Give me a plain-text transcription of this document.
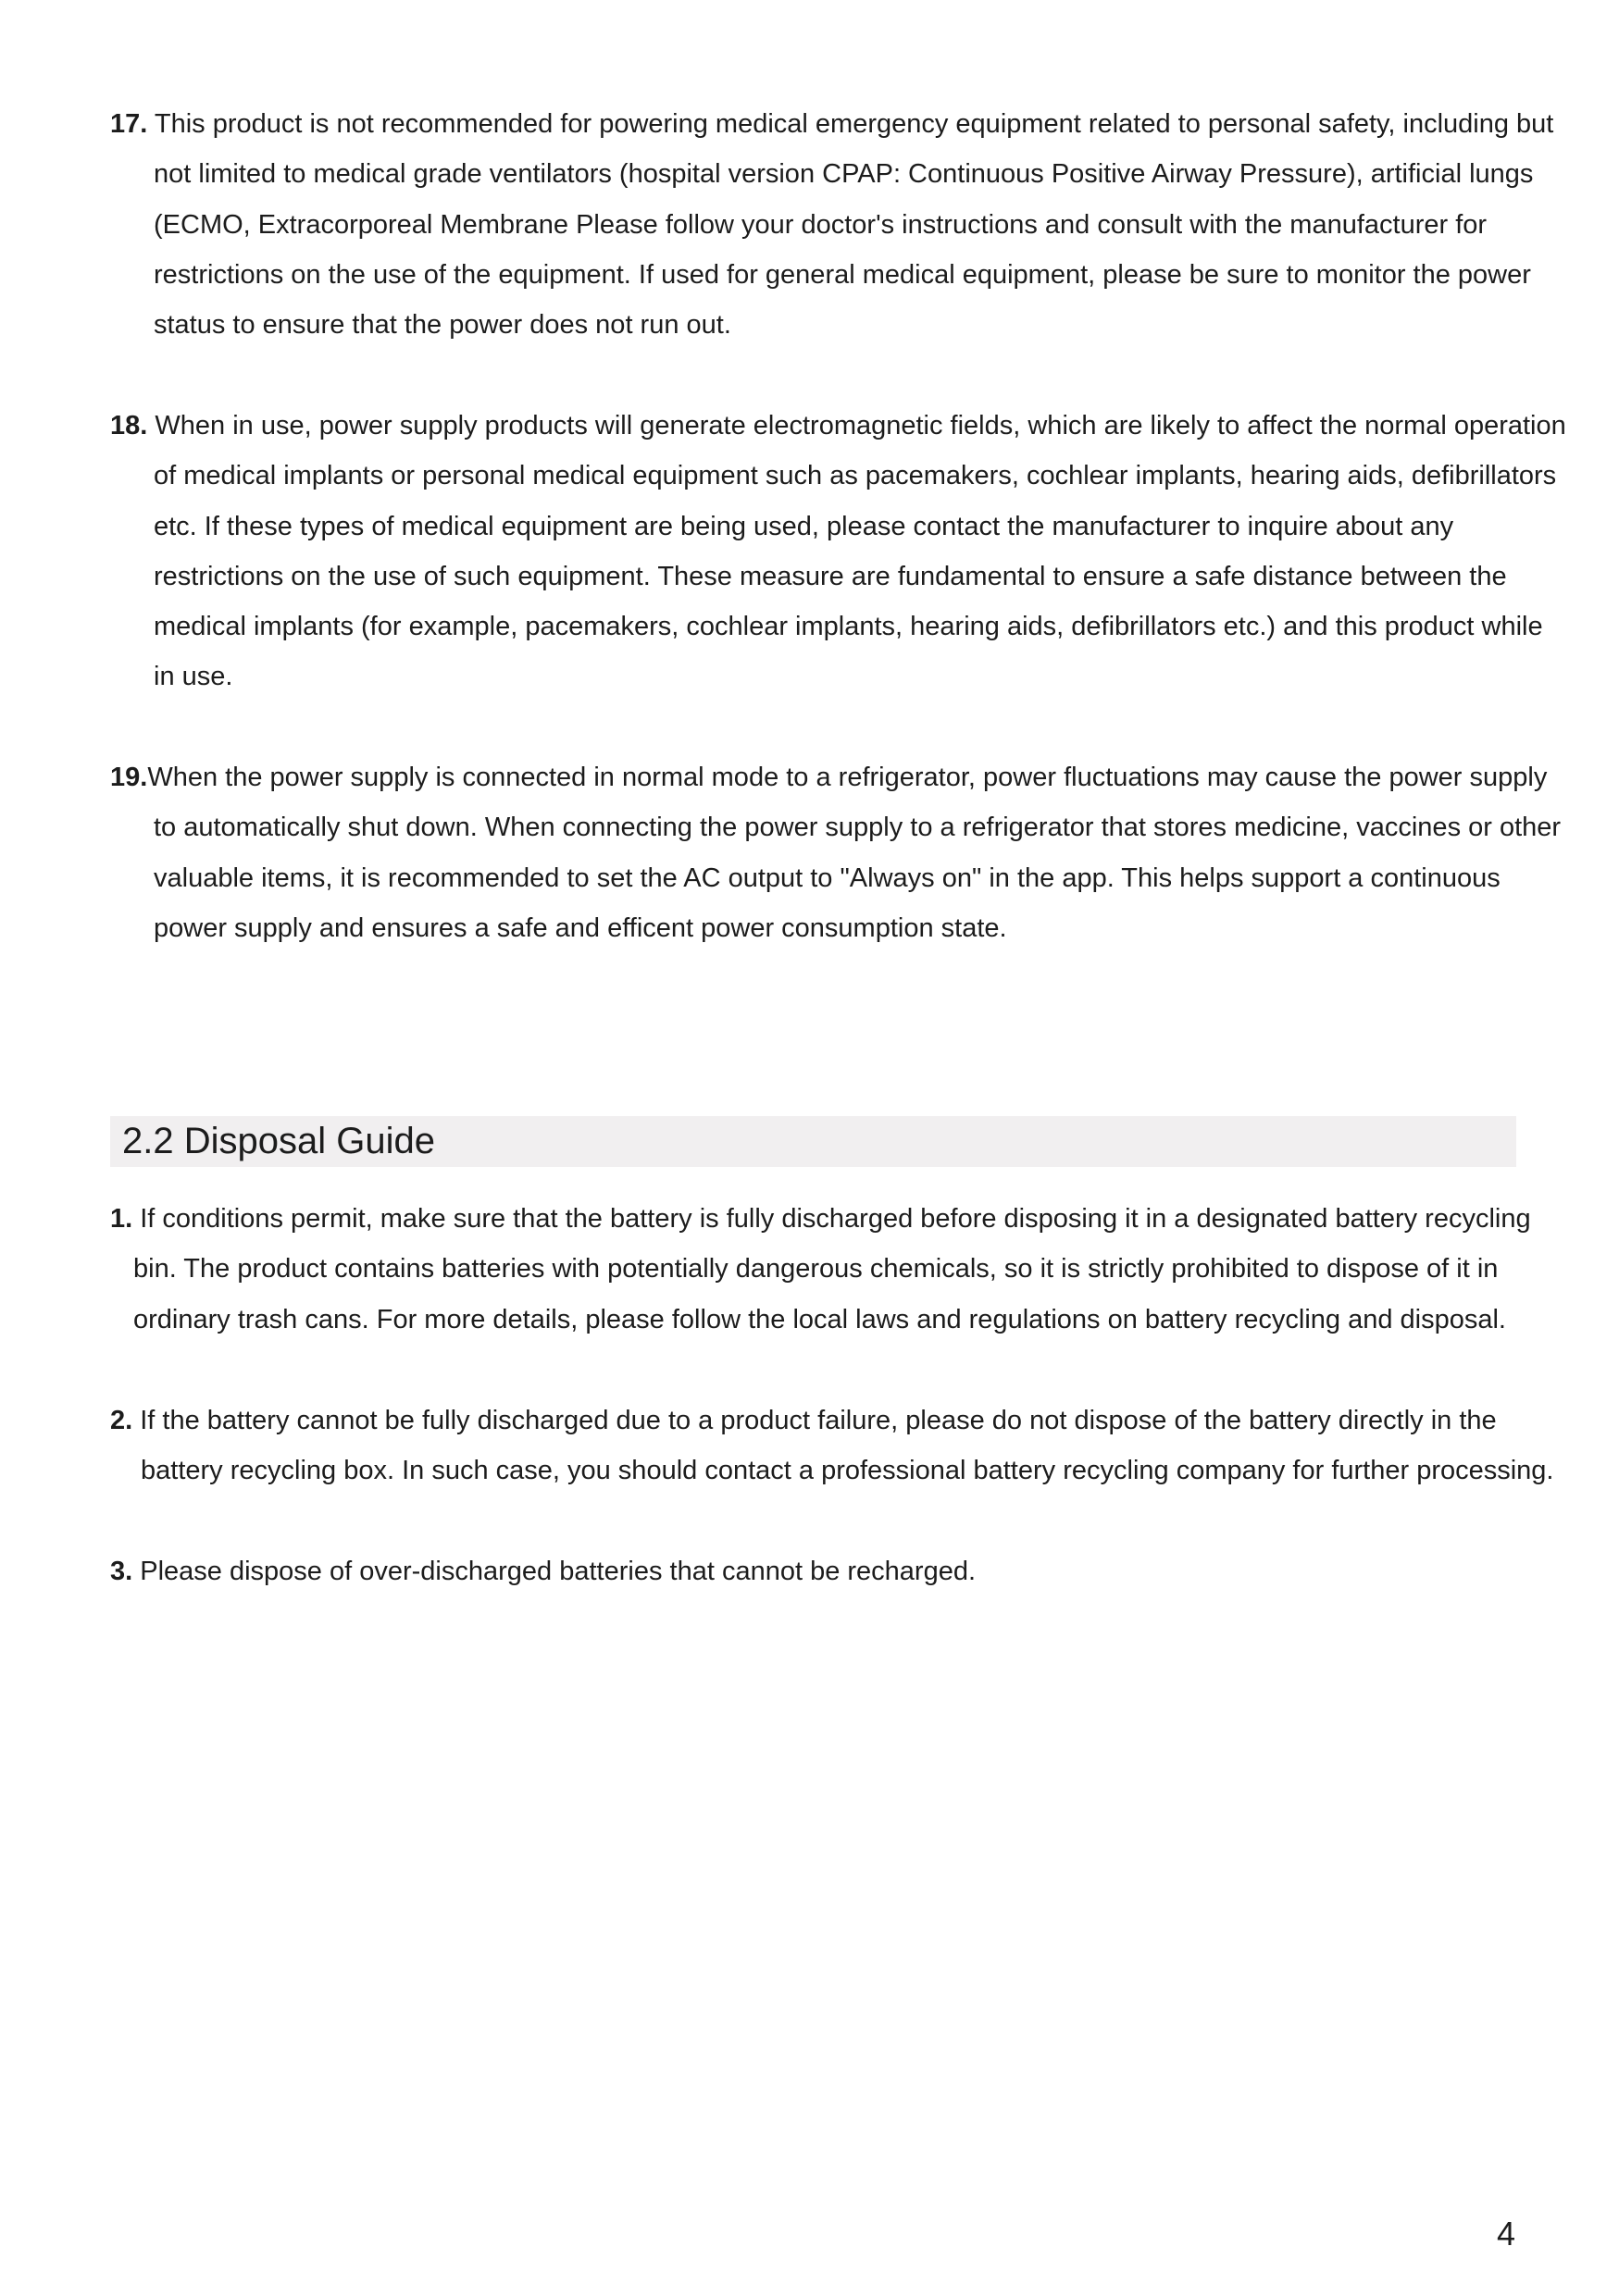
17. This product is not recommended for powering medical emergency equipment related to personal safety, including but not limited to medical grade ventilators (hospital version CPAP: Continuous Positive Airway Pressure), artificial lungs (ECMO, Extracorporeal Membrane Please follow your doctor's instructions and consult with the manufacturer for restrictions on the use of the equipment. If used for general medical equipment, please be sure to monitor the power status to ensure that the power does not run out.

18. When in use, power supply products will generate electromagnetic fields, which are likely to affect the normal operation of medical implants or personal medical equipment such as pacemakers, cochlear implants, hearing aids, defibrillators etc. If these types of medical equipment are being used, please contact the manufacturer to inquire about any restrictions on the use of such equipment. These measure are fundamental to ensure a safe distance between the medical implants (for example, pacemakers, cochlear implants, hearing aids, defibrillators etc.) and this product while in use.

19.When the power supply is connected in normal mode to a refrigerator, power fluctuations may cause the power supply to automatically shut down. When connecting the power supply to a refrigerator that stores medicine, vaccines or other valuable items, it is recommended to set the AC output to "Always on" in the app. This helps support a continuous power supply and ensures a safe and efficent power consumption state.

2.2 Disposal Guide

1. If conditions permit, make sure that the battery is fully discharged before disposing it in a designated battery recycling bin. The product contains batteries with potentially dangerous chemicals, so it is strictly prohibited to dispose of it in ordinary trash cans. For more details, please follow the local laws and regulations on battery recycling and disposal.

2. If the battery cannot be fully discharged due to a product failure, please do not dispose of the battery directly in the battery recycling box. In such case, you should contact a professional battery recycling company for further processing.

3. Please dispose of over-discharged batteries that cannot be recharged.

4
